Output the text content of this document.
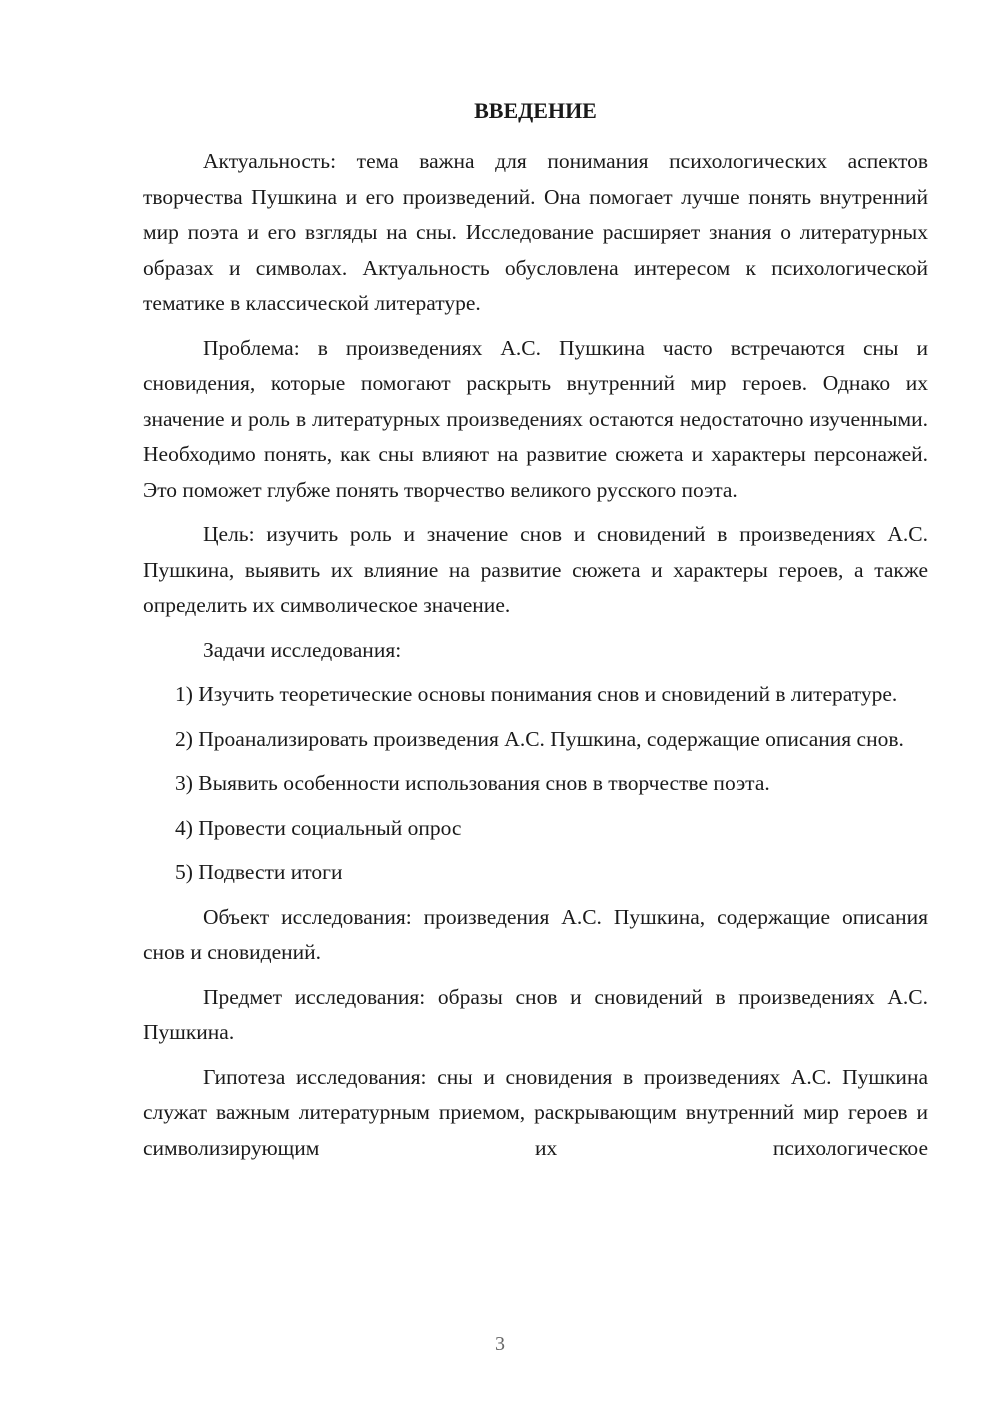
ВВЕДЕНИЕ

Актуальность: тема важна для понимания психологических аспектов творчества Пушкина и его произведений. Она помогает лучше понять внутренний мир поэта и его взгляды на сны. Исследование расширяет знания о литературных образах и символах. Актуальность обусловлена интересом к психологической тематике в классической литературе.

Проблема: в произведениях А.С. Пушкина часто встречаются сны и сновидения, которые помогают раскрыть внутренний мир героев. Однако их значение и роль в литературных произведениях остаются недостаточно изученными. Необходимо понять, как сны влияют на развитие сюжета и характеры персонажей. Это поможет глубже понять творчество великого русского поэта.

Цель: изучить роль и значение снов и сновидений в произведениях А.С. Пушкина, выявить их влияние на развитие сюжета и характеры героев, а также определить их символическое значение.

Задачи исследования:

1) Изучить теоретические основы понимания снов и сновидений в литературе.

2) Проанализировать произведения А.С. Пушкина, содержащие описания снов.

3) Выявить особенности использования снов в творчестве поэта.

4) Провести социальный опрос

5) Подвести итоги

Объект исследования: произведения А.С. Пушкина, содержащие описания снов и сновидений.

Предмет исследования: образы снов и сновидений в произведениях А.С. Пушкина.

Гипотеза исследования: сны и сновидения в произведениях А.С. Пушкина служат важным литературным приемом, раскрывающим внутренний мир героев и символизирующим их психологическое

3
